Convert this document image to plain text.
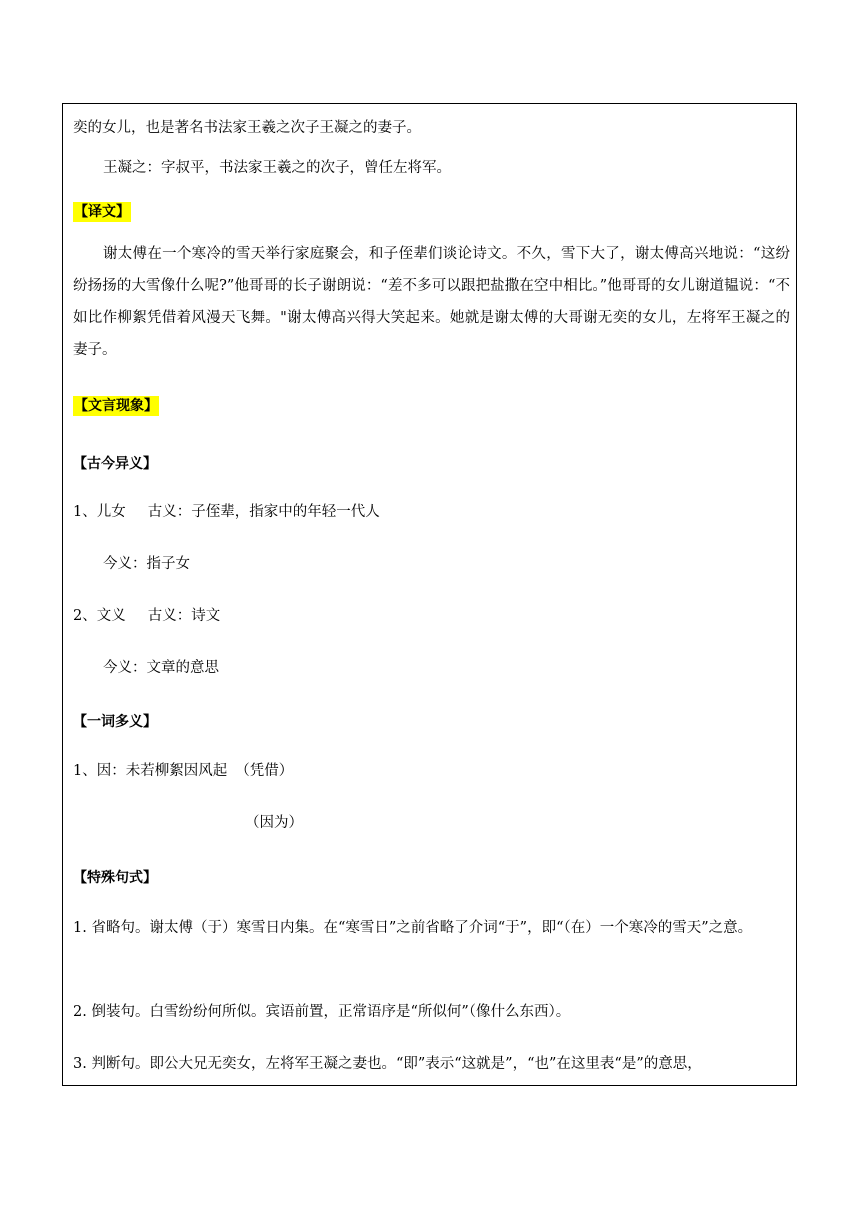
奕的女儿，也是著名书法家王羲之次子王凝之的妻子。
王凝之：字叔平，书法家王羲之的次子，曾任左将军。
【译文】
谢太傅在一个寒冷的雪天举行家庭聚会，和子侄辈们谈论诗文。不久，雪下大了，谢太傅高兴地说：“这纷纷扬扬的大雪像什么呢?”他哥哥的长子谢朗说：“差不多可以跟把盐撒在空中相比。”他哥哥的女儿谢道韫说：“不如比作柳絮凭借着风漫天飞舞。"谢太傅高兴得大笑起来。她就是谢太傅的大哥谢无奕的女儿，左将军王凝之的妻子。
【文言现象】
【古今异义】
1、儿女 古义：子侄辈，指家中的年轻一代人
今义：指子女
2、文义 古义：诗文
今义：文章的意思
【一词多义】
1、因：未若柳絮因风起 （凭借）
（因为）
【特殊句式】
1. 省略句。谢太傅（于）寒雪日内集。在“寒雪日”之前省略了介词“于”，即“（在）一个寒冷的雪天”之意。
2. 倒装句。白雪纷纷何所似。宾语前置，正常语序是“所似何”（像什么东西）。
3. 判断句。即公大兄无奕女，左将军王凝之妻也。“即”表示“这就是”，“也”在这里表“是”的意思，
